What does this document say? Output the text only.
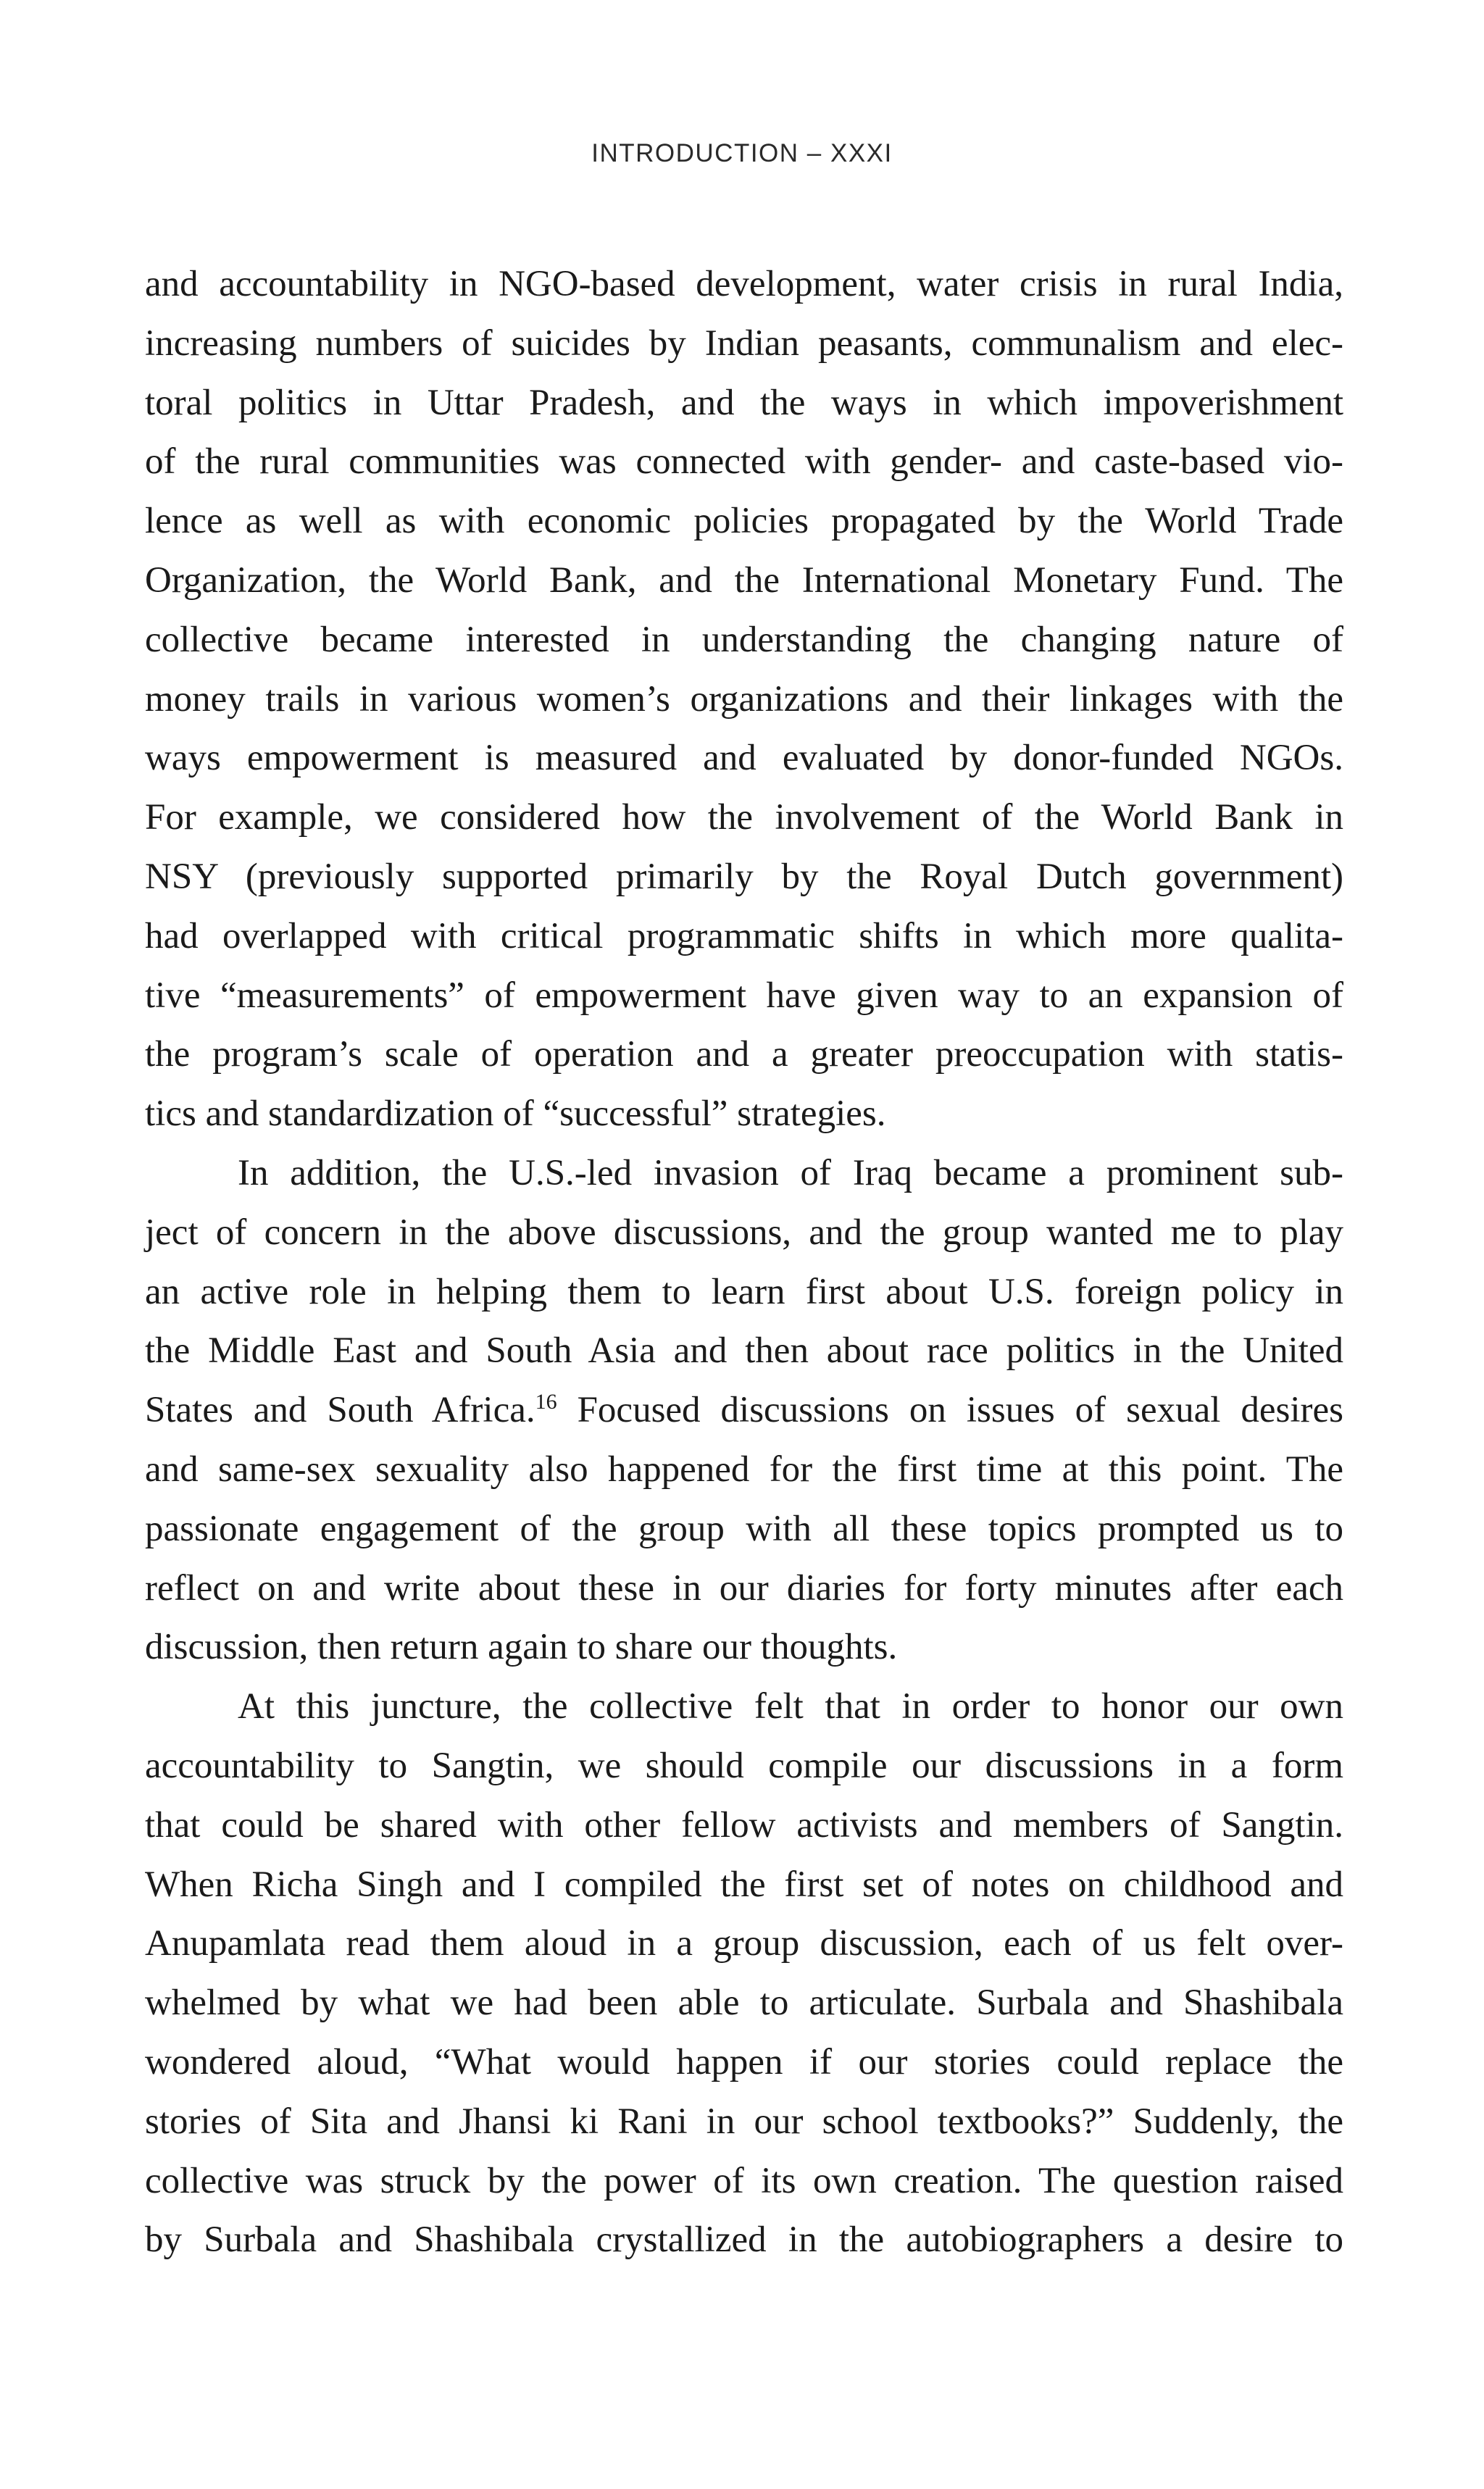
INTRODUCTION – XXXI
and accountability in NGO-based development, water crisis in rural India,
increasing numbers of suicides by Indian peasants, communalism and elec-
toral politics in Uttar Pradesh, and the ways in which impoverishment
of the rural communities was connected with gender- and caste-based vio-
lence as well as with economic policies propagated by the World Trade
Organization, the World Bank, and the International Monetary Fund. The
collective became interested in understanding the changing nature of
money trails in various women’s organizations and their linkages with the
ways empowerment is measured and evaluated by donor-funded NGOs.
For example, we considered how the involvement of the World Bank in
NSY (previously supported primarily by the Royal Dutch government)
had overlapped with critical programmatic shifts in which more qualita-
tive “measurements” of empowerment have given way to an expansion of
the program’s scale of operation and a greater preoccupation with statis-
tics and standardization of “successful” strategies.
In addition, the U.S.-led invasion of Iraq became a prominent sub-
ject of concern in the above discussions, and the group wanted me to play
an active role in helping them to learn first about U.S. foreign policy in
the Middle East and South Asia and then about race politics in the United
States and South Africa.$^{16}$ Focused discussions on issues of sexual desires
and same-sex sexuality also happened for the first time at this point. The
passionate engagement of the group with all these topics prompted us to
reflect on and write about these in our diaries for forty minutes after each
discussion, then return again to share our thoughts.
At this juncture, the collective felt that in order to honor our own
accountability to Sangtin, we should compile our discussions in a form
that could be shared with other fellow activists and members of Sangtin.
When Richa Singh and I compiled the first set of notes on childhood and
Anupamlata read them aloud in a group discussion, each of us felt over-
whelmed by what we had been able to articulate. Surbala and Shashibala
wondered aloud, “What would happen if our stories could replace the
stories of Sita and Jhansi ki Rani in our school textbooks?” Suddenly, the
collective was struck by the power of its own creation. The question raised
by Surbala and Shashibala crystallized in the autobiographers a desire to
